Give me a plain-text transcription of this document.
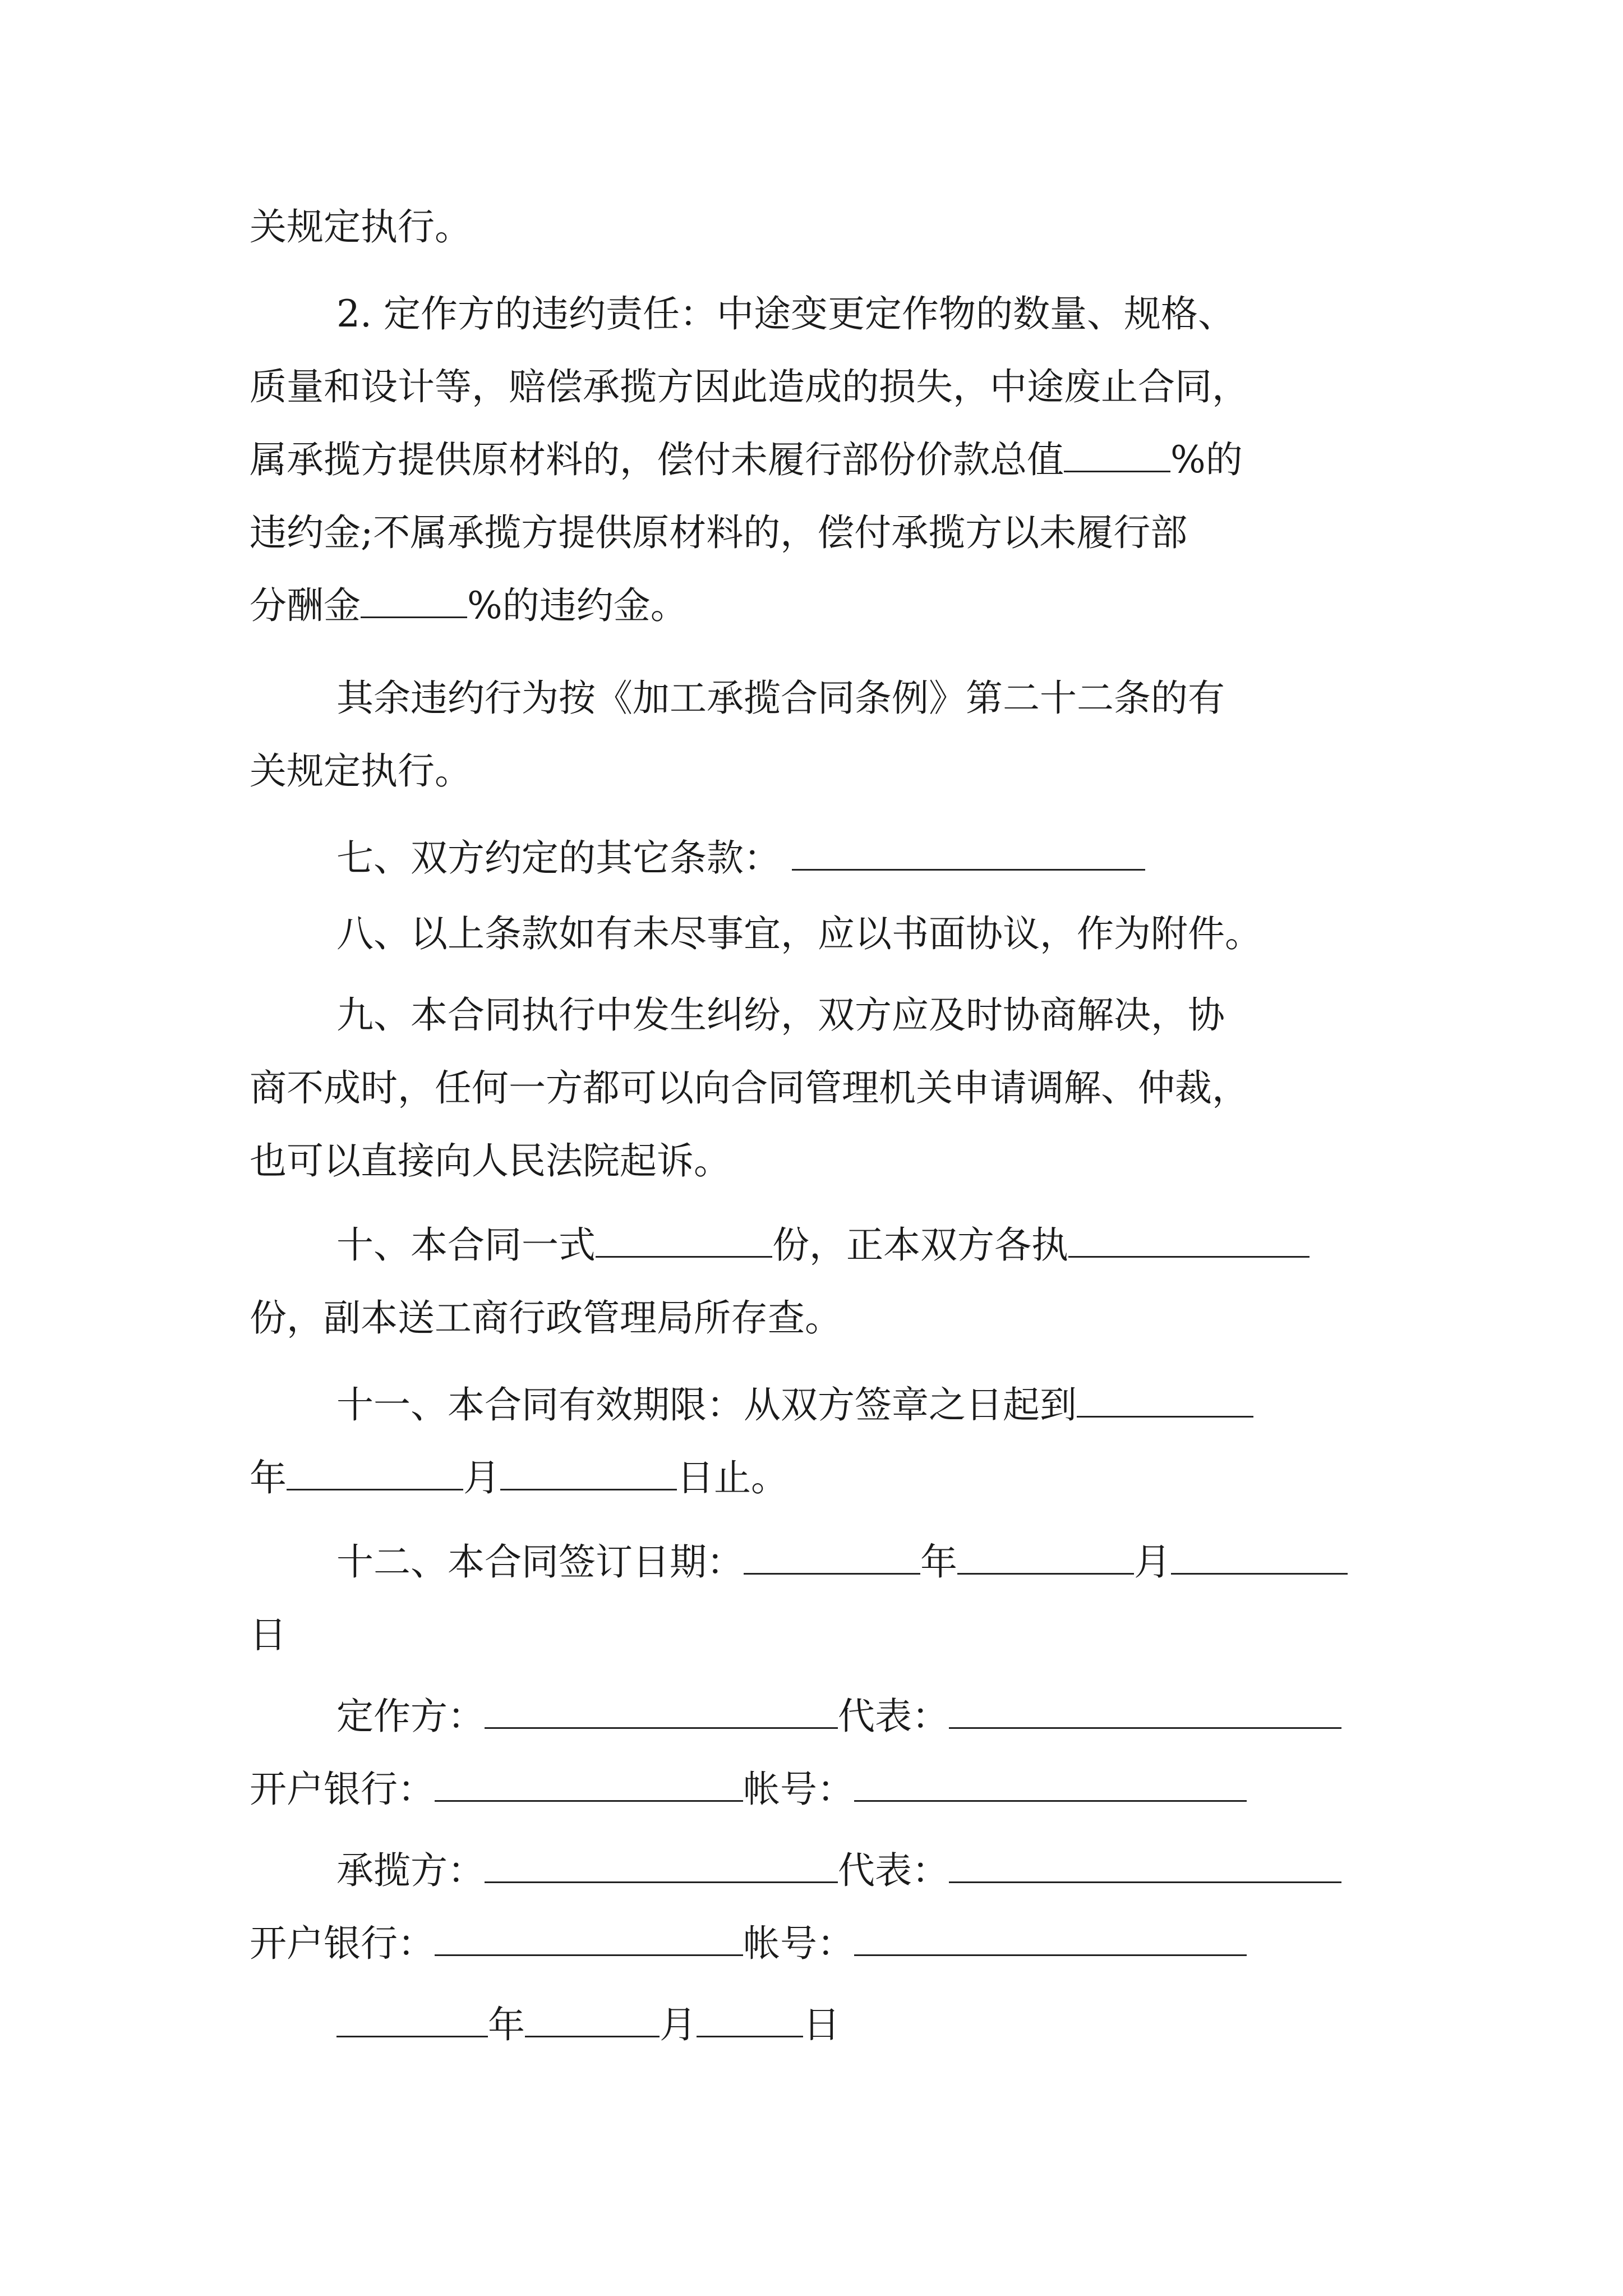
关规定执行。
2. 定作方的违约责任：中途变更定作物的数量、规格、
质量和设计等，赔偿承揽方因此造成的损失，中途废止合同，
属承揽方提供原材料的，偿付未履行部份价款总值	%的
违约金;不属承揽方提供原材料的，偿付承揽方以未履行部
分酬金	%的违约金。
其余违约行为按《加工承揽合同条例》第二十二条的有
关规定执行。
七、双方约定的其它条款：
八、以上条款如有未尽事宜，应以书面协议，作为附件。
九、本合同执行中发生纠纷，双方应及时协商解决，协
商不成时，任何一方都可以向合同管理机关申请调解、仲裁，
也可以直接向人民法院起诉。
十、本合同一式	份，正本双方各执
份，副本送工商行政管理局所存查。
十一、本合同有效期限：从双方签章之日起到
年	月	日止。
十二、本合同签订日期：	年	月
日
定作方：	代表：
开户银行：	帐号：
承揽方：	代表：
开户银行：	帐号：
年	月	日
